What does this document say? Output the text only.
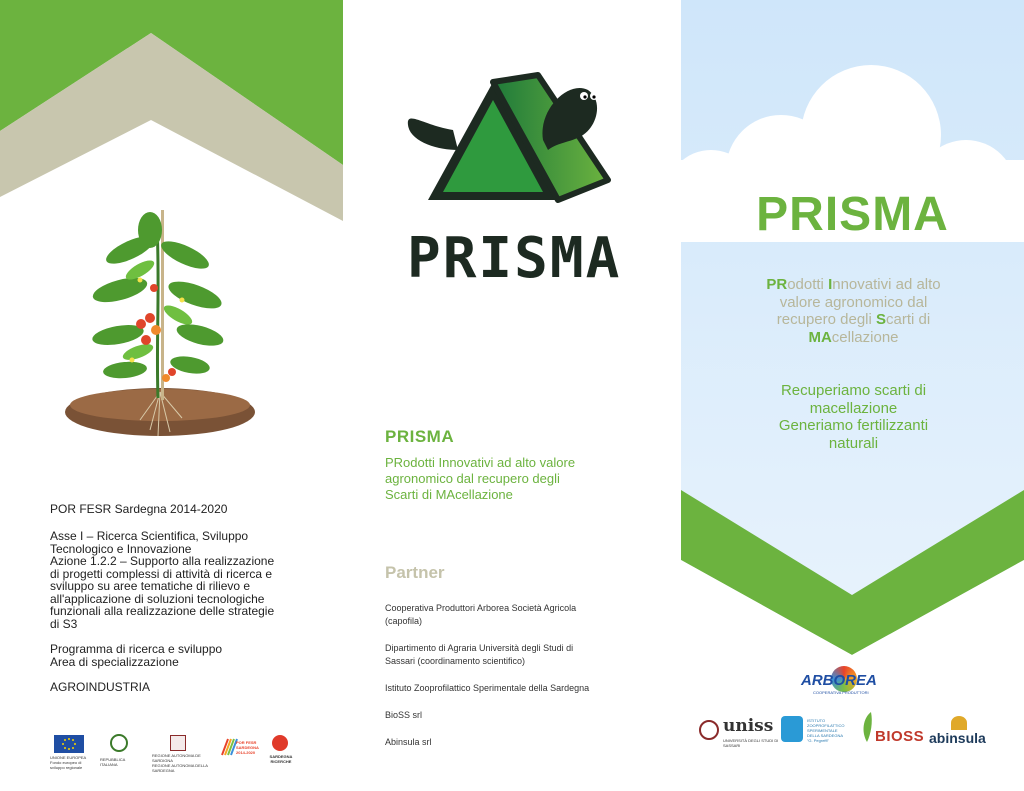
POR FESR Sardegna 2014-2020

Asse I – Ricerca Scientifica, Sviluppo
Tecnologico e Innovazione
Azione 1.2.2 – Supporto alla realizzazione
di progetti complessi di attività di ricerca e
sviluppo su aree tematiche di rilievo e
all'applicazione di soluzioni tecnologiche
funzionali alla realizzazione delle strategie
di S3

Programma di ricerca e sviluppo
Area di specializzazione

AGROINDUSTRIA

UNIONE EUROPEA
Fondo europeo di sviluppo regionale
REPUBBLICA ITALIANA
REGIONE AUTONOMA DE SARDIGNA
REGIONE AUTONOMA DELLA SARDEGNA
POR FESR
SARDEGNA 2014-2020
SARDEGNA
RICERCHE
PRISMA
PRISMA
PRodotti Innovativi ad alto valore
agronomico dal recupero degli
Scarti di MAcellazione
Partner
Cooperativa Produttori Arborea Società Agricola
(capofila)
Dipartimento di Agraria Università degli Studi di
Sassari (coordinamento scientifico)
Istituto Zooprofilattico Sperimentale della Sardegna
BioSS srl
Abinsula srl
PRISMA
PRodotti Innovativi ad alto
valore agronomico dal
recupero degli Scarti di
MAcellazione
Recuperiamo scarti di
macellazione
Generiamo fertilizzanti
naturali
ARBOREA
COOPERATIVA PRODUTTORI
uniss
UNIVERSITÀ DEGLI STUDI DI SASSARI
ISTITUTO ZOOPROFILATTICO SPERIMENTALE DELLA SARDEGNA
"G. Pegreffi"	BIOSS abinsula
